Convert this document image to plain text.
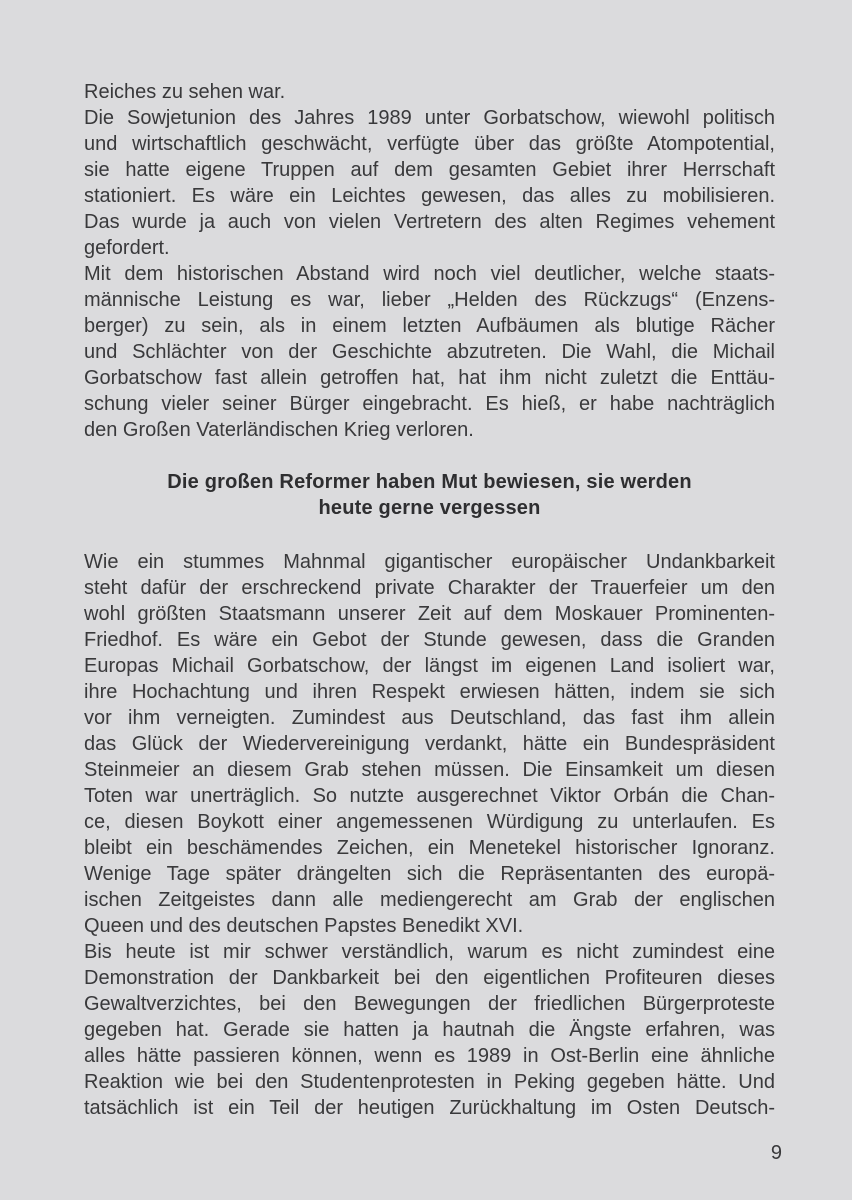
Reiches zu sehen war.
Die Sowjetunion des Jahres 1989 unter Gorbatschow, wiewohl politisch
und wirtschaftlich geschwächt, verfügte über das größte Atompotential,
sie hatte eigene Truppen auf dem gesamten Gebiet ihrer Herrschaft
stationiert. Es wäre ein Leichtes gewesen, das alles zu mobilisieren.
Das wurde ja auch von vielen Vertretern des alten Regimes vehement
gefordert.
Mit dem historischen Abstand wird noch viel deutlicher, welche staats-
männische Leistung es war, lieber „Helden des Rückzugs“ (Enzens-
berger) zu sein, als in einem letzten Aufbäumen als blutige Rächer
und Schlächter von der Geschichte abzutreten. Die Wahl, die Michail
Gorbatschow fast allein getroffen hat, hat ihm nicht zuletzt die Enttäu-
schung vieler seiner Bürger eingebracht. Es hieß, er habe nachträglich
den Großen Vaterländischen Krieg verloren.
Die großen Reformer haben Mut bewiesen, sie werden
heute gerne vergessen
Wie ein stummes Mahnmal gigantischer europäischer Undankbarkeit
steht dafür der erschreckend private Charakter der Trauerfeier um den
wohl größten Staatsmann unserer Zeit auf dem Moskauer Prominenten-
Friedhof. Es wäre ein Gebot der Stunde gewesen, dass die Granden
Europas Michail Gorbatschow, der längst im eigenen Land isoliert war,
ihre Hochachtung und ihren Respekt erwiesen hätten, indem sie sich
vor ihm verneigten. Zumindest aus Deutschland, das fast ihm allein
das Glück der Wiedervereinigung verdankt, hätte ein Bundespräsident
Steinmeier an diesem Grab stehen müssen. Die Einsamkeit um diesen
Toten war unerträglich. So nutzte ausgerechnet Viktor Orbán die Chan-
ce, diesen Boykott einer angemessenen Würdigung zu unterlaufen. Es
bleibt ein beschämendes Zeichen, ein Menetekel historischer Ignoranz.
Wenige Tage später drängelten sich die Repräsentanten des europä-
ischen Zeitgeistes dann alle mediengerecht am Grab der englischen
Queen und des deutschen Papstes Benedikt XVI.
Bis heute ist mir schwer verständlich, warum es nicht zumindest eine
Demonstration der Dankbarkeit bei den eigentlichen Profiteuren dieses
Gewaltverzichtes, bei den Bewegungen der friedlichen Bürgerproteste
gegeben hat. Gerade sie hatten ja hautnah die Ängste erfahren, was
alles hätte passieren können, wenn es 1989 in Ost-Berlin eine ähnliche
Reaktion wie bei den Studentenprotesten in Peking gegeben hätte. Und
tatsächlich ist ein Teil der heutigen Zurückhaltung im Osten Deutsch-
9
